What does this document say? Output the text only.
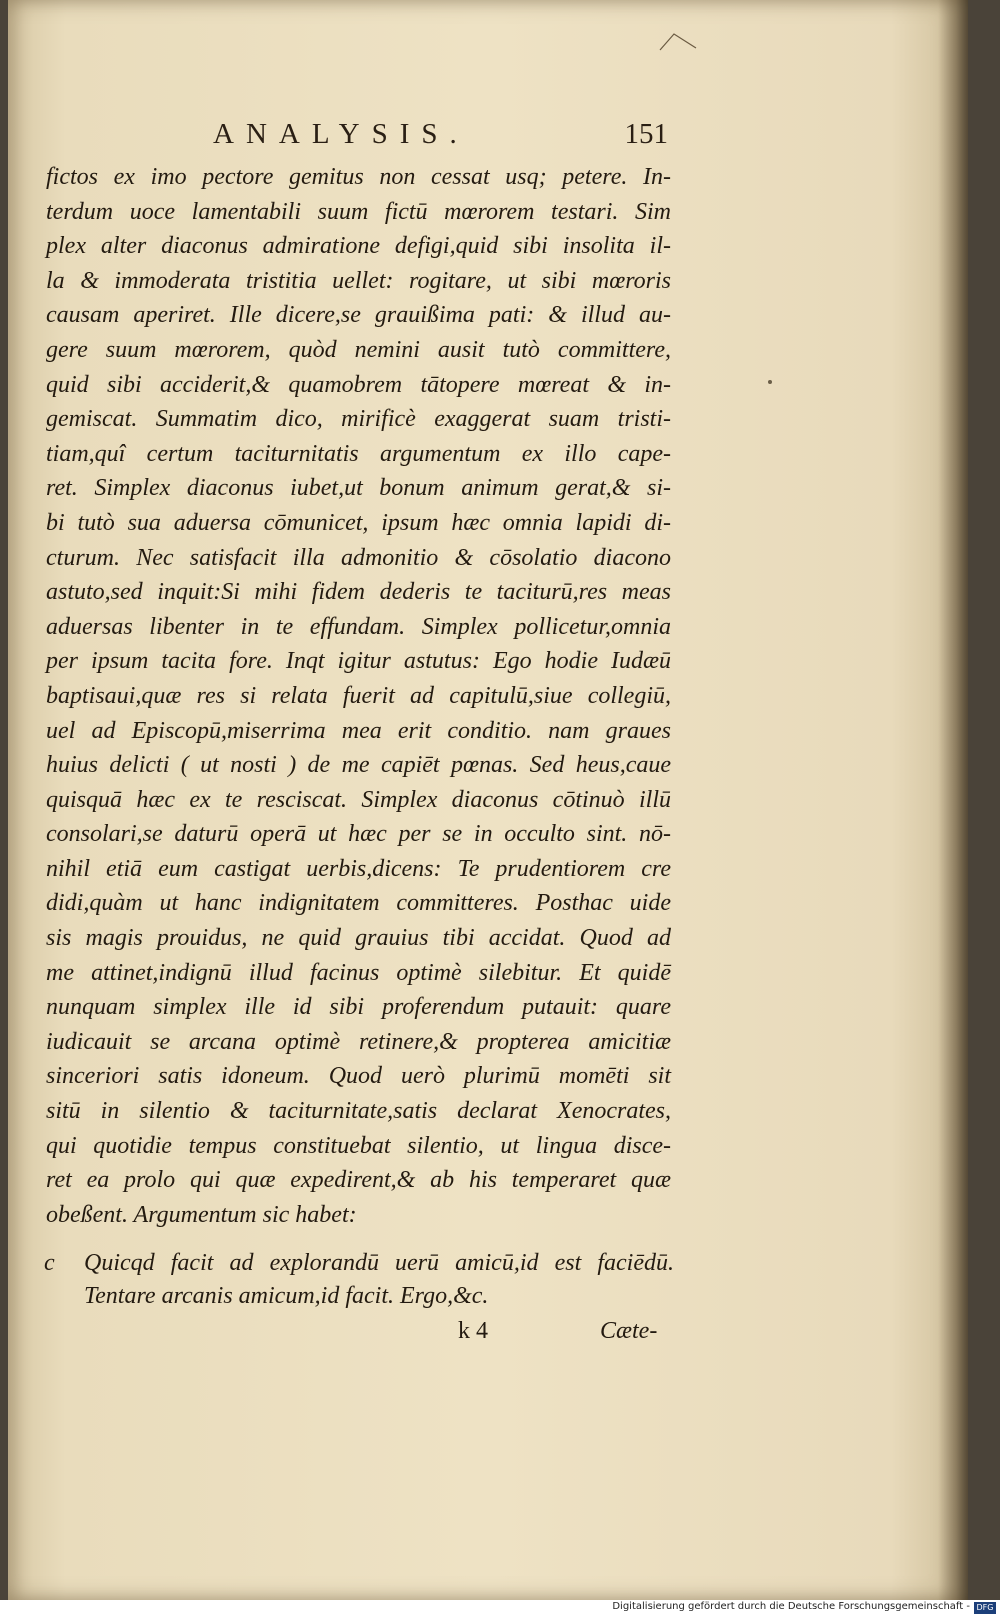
ANALYSIS.	151
fictos ex imo pectore gemitus non cessat usq; petere. In-
terdum uoce lamentabili suum fictū mœrorem testari. Sim
plex alter diaconus admiratione defigi,quid sibi insolita il-
la & immoderata tristitia uellet: rogitare, ut sibi mœroris
causam aperiret. Ille dicere,se grauißima pati: & illud au-
gere suum mœrorem, quòd nemini ausit tutò committere,
quid sibi acciderit,& quamobrem tātopere mœreat & in-
gemiscat. Summatim dico, mirificè exaggerat suam tristi-
tiam,quî certum taciturnitatis argumentum ex illo cape-
ret. Simplex diaconus iubet,ut bonum animum gerat,& si-
bi tutò sua aduersa cōmunicet, ipsum hæc omnia lapidi di-
cturum. Nec satisfacit illa admonitio & cōsolatio diacono
astuto,sed inquit:Si mihi fidem dederis te taciturū,res meas
aduersas libenter in te effundam. Simplex pollicetur,omnia
per ipsum tacita fore. Inqt igitur astutus: Ego hodie Iudæū
baptisaui,quæ res si relata fuerit ad capitulū,siue collegiū,
uel ad Episcopū,miserrima mea erit conditio. nam graues
huius delicti ( ut nosti ) de me capiēt pœnas. Sed heus,caue
quisquā hæc ex te resciscat. Simplex diaconus cōtinuò illū
consolari,se daturū operā ut hæc per se in occulto sint. nō-
nihil etiā eum castigat uerbis,dicens: Te prudentiorem cre
didi,quàm ut hanc indignitatem committeres. Posthac uide
sis magis prouidus, ne quid grauius tibi accidat. Quod ad
me attinet,indignū illud facinus optimè silebitur. Et quidē
nunquam simplex ille id sibi proferendum putauit: quare
iudicauit se arcana optimè retinere,& propterea amicitiæ
sinceriori satis idoneum. Quod uerò plurimū momēti sit
sitū in silentio & taciturnitate,satis declarat Xenocrates,
qui quotidie tempus constituebat silentio, ut lingua disce-
ret ea prolo qui quæ expedirent,& ab his temperaret quæ
obeßent. Argumentum sic habet:
c Quicqd facit ad explorandū uerū amicū,id est faciēdū.
Tentare arcanis amicum,id facit. Ergo,&c.
k 4	Cæte-
Digitalisierung gefördert durch die Deutsche Forschungsgemeinschaft - DFG
